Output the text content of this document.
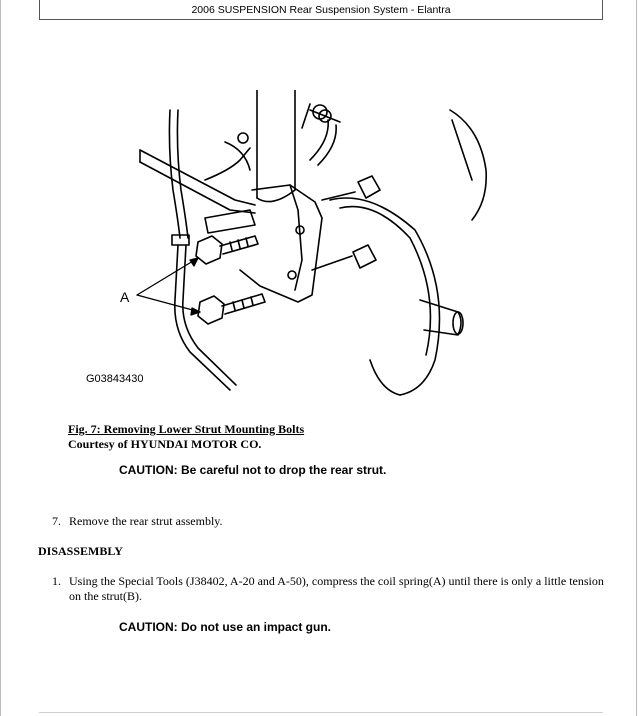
2006 SUSPENSION Rear Suspension System - Elantra
A
G03843430
Fig. 7: Removing Lower Strut Mounting Bolts
Courtesy of HYUNDAI MOTOR CO.
CAUTION: Be careful not to drop the rear strut.
7. Remove the rear strut assembly.
DISASSEMBLY
1. Using the Special Tools (J38402, A-20 and A-50), compress the coil spring(A) until there is only a little tension on the strut(B).
CAUTION: Do not use an impact gun.
